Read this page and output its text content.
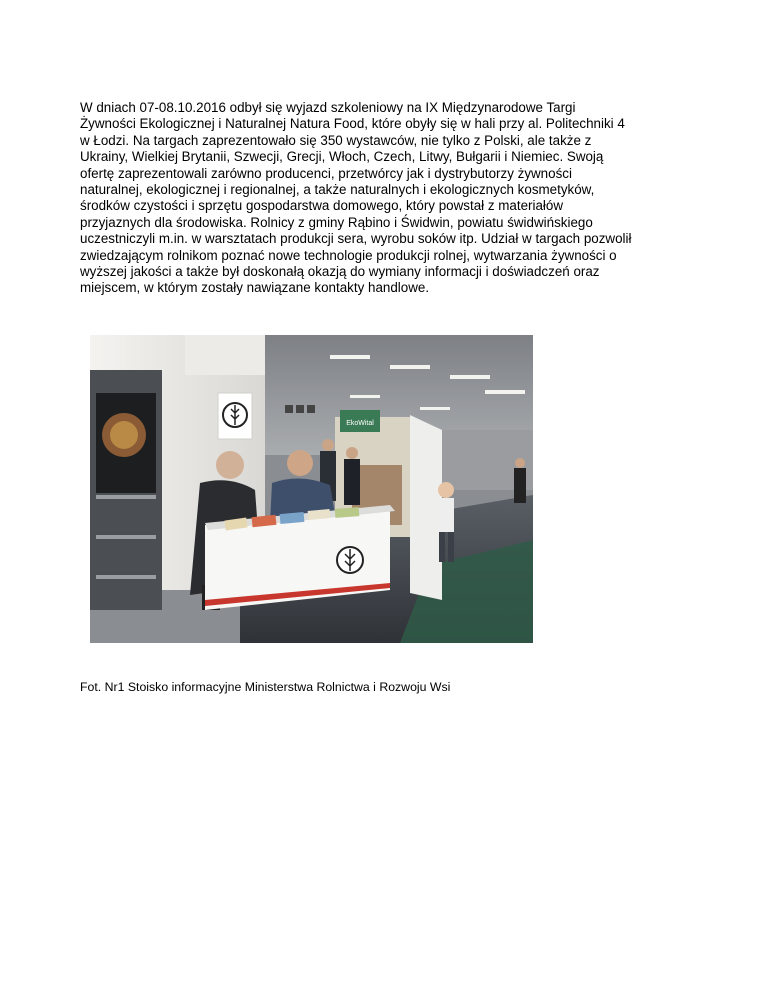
W dniach 07-08.10.2016 odbył się wyjazd szkoleniowy na IX Międzynarodowe Targi
Żywności Ekologicznej i Naturalnej Natura Food, które obyły się w hali przy al. Politechniki 4
w Łodzi. Na targach zaprezentowało się 350 wystawców, nie tylko z Polski, ale także z
Ukrainy, Wielkiej Brytanii, Szwecji, Grecji, Włoch, Czech, Litwy, Bułgarii i Niemiec. Swoją
ofertę zaprezentowali zarówno producenci, przetwórcy jak i dystrybutorzy żywności
naturalnej, ekologicznej i regionalnej, a także naturalnych i ekologicznych kosmetyków,
środków czystości i sprzętu gospodarstwa domowego, który powstał z materiałów
przyjaznych dla środowiska. Rolnicy z gminy Rąbino i Świdwin, powiatu świdwińskiego
uczestniczyli m.in. w warsztatach produkcji sera, wyrobu soków itp. Udział w targach pozwolił
zwiedzającym rolnikom poznać nowe technologie produkcji rolnej, wytwarzania żywności o
wyższej jakości a także był doskonałą okazją do wymiany informacji i doświadczeń oraz
miejscem, w którym zostały nawiązane kontakty handlowe.
EkoWital
Fot. Nr1 Stoisko informacyjne Ministerstwa Rolnictwa i Rozwoju Wsi
